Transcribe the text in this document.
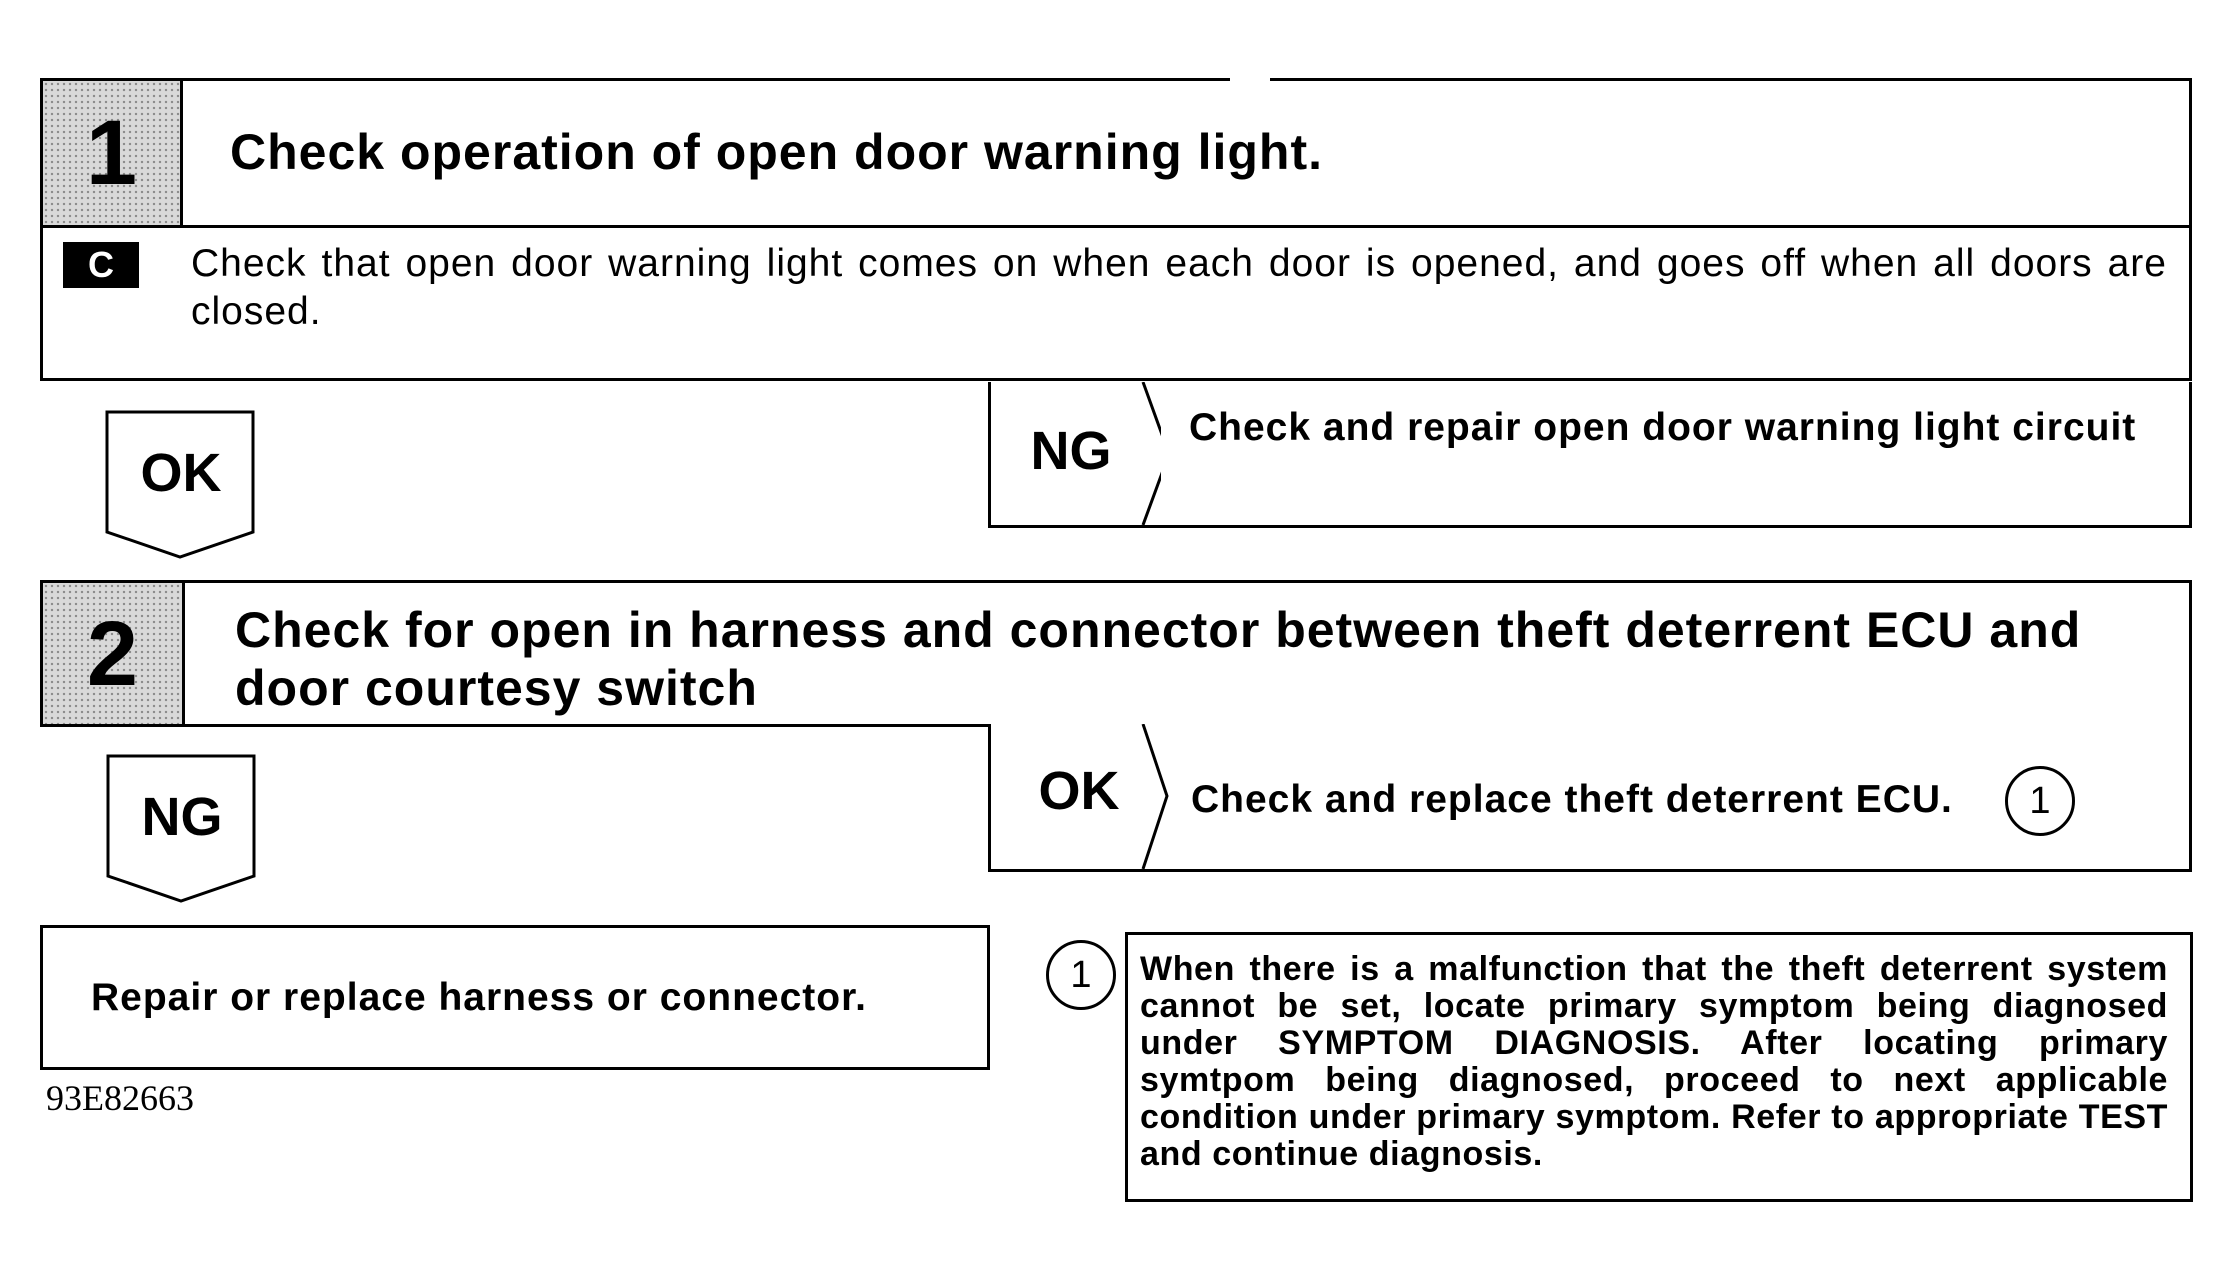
1	Check operation of open door warning light.
C	Check that open door warning light comes on when each door is opened, and goes off when all doors are closed.
OK	NG Check and repair open door warning light circuit
2	Check for open in harness and connector between theft deterrent ECU and door courtesy switch
NG	OK Check and replace theft deterrent ECU.	1
Repair or replace harness or connector.
93E82663
1	When there is a malfunction that the theft deterrent system cannot be set, locate primary symptom being diagnosed under SYMPTOM DIAGNOSIS. After locating primary symtpom being diagnosed, proceed to next applicable condition under primary symptom. Refer to appropriate TEST and continue diagnosis.
